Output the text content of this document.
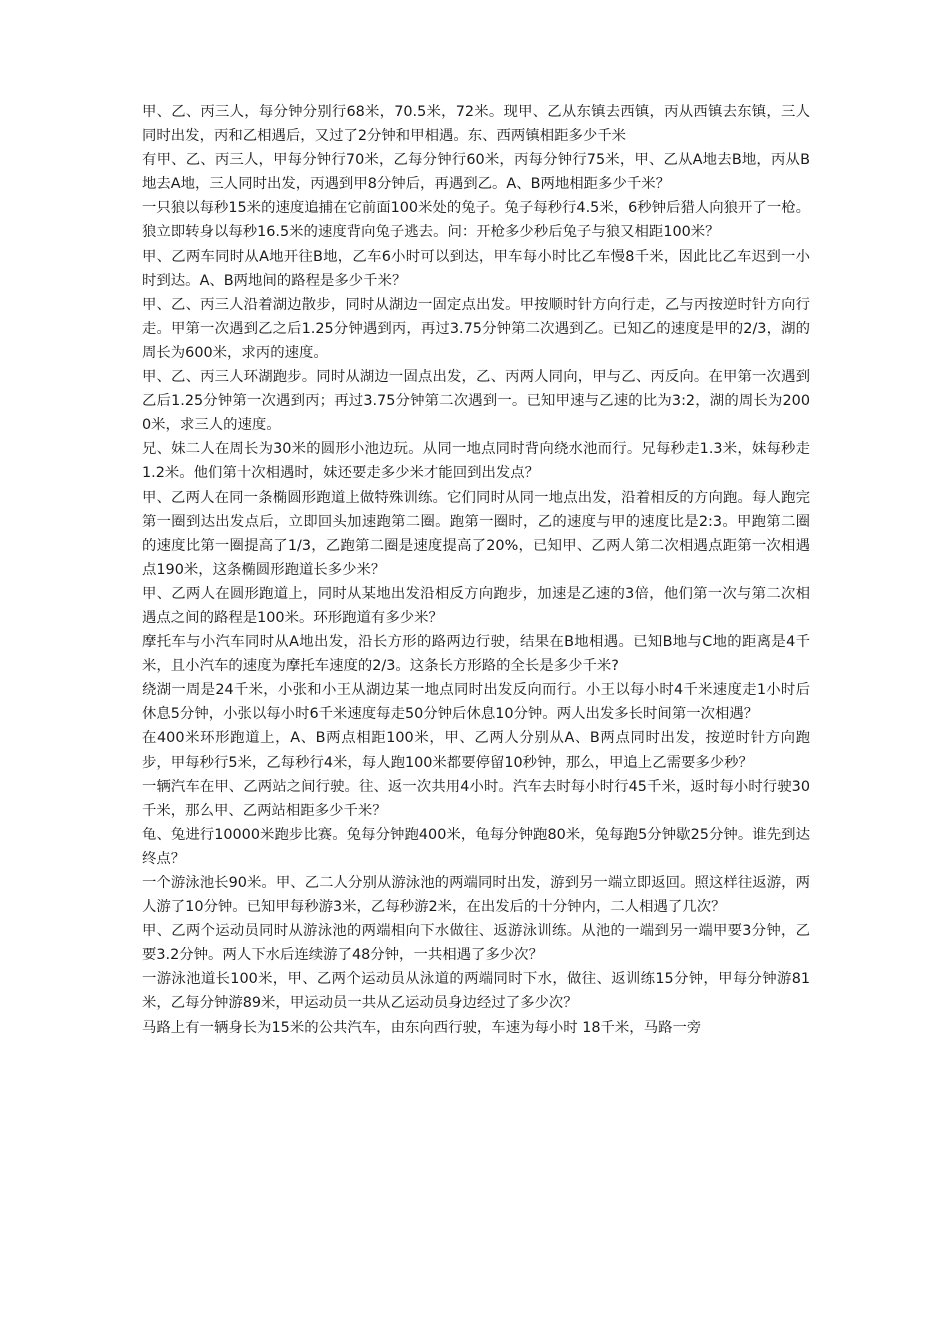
甲、乙、丙三人，每分钟分别行68米，70.5米，72米。现甲、乙从东镇去西镇，丙从西镇去东镇，三人同时出发，丙和乙相遇后，又过了2分钟和甲相遇。东、西两镇相距多少千米

有甲、乙、丙三人，甲每分钟行70米，乙每分钟行60米，丙每分钟行75米，甲、乙从A地去B地，丙从B地去A地，三人同时出发，丙遇到甲8分钟后，再遇到乙。A、B两地相距多少千米？

一只狼以每秒15米的速度追捕在它前面100米处的兔子。兔子每秒行4.5米，6秒钟后猎人向狼开了一枪。狼立即转身以每秒16.5米的速度背向兔子逃去。问：开枪多少秒后兔子与狼又相距100米？

甲、乙两车同时从A地开往B地，乙车6小时可以到达，甲车每小时比乙车慢8千米，因此比乙车迟到一小时到达。A、B两地间的路程是多少千米？

甲、乙、丙三人沿着湖边散步，同时从湖边一固定点出发。甲按顺时针方向行走，乙与丙按逆时针方向行走。甲第一次遇到乙之后1.25分钟遇到丙，再过3.75分钟第二次遇到乙。已知乙的速度是甲的2/3，湖的周长为600米，求丙的速度。

甲、乙、丙三人环湖跑步。同时从湖边一固点出发，乙、丙两人同向，甲与乙、丙反向。在甲第一次遇到乙后1.25分钟第一次遇到丙；再过3.75分钟第二次遇到一。已知甲速与乙速的比为3:2，湖的周长为2000米，求三人的速度。

兄、妹二人在周长为30米的圆形小池边玩。从同一地点同时背向绕水池而行。兄每秒走1.3米，妹每秒走1.2米。他们第十次相遇时，妹还要走多少米才能回到出发点？

甲、乙两人在同一条椭圆形跑道上做特殊训练。它们同时从同一地点出发，沿着相反的方向跑。每人跑完第一圈到达出发点后，立即回头加速跑第二圈。跑第一圈时，乙的速度与甲的速度比是2:3。甲跑第二圈的速度比第一圈提高了1/3，乙跑第二圈是速度提高了20%，已知甲、乙两人第二次相遇点距第一次相遇点190米，这条椭圆形跑道长多少米？

甲、乙两人在圆形跑道上，同时从某地出发沿相反方向跑步，加速是乙速的3倍，他们第一次与第二次相遇点之间的路程是100米。环形跑道有多少米？

摩托车与小汽车同时从A地出发，沿长方形的路两边行驶，结果在B地相遇。已知B地与C地的距离是4千米，且小汽车的速度为摩托车速度的2/3。这条长方形路的全长是多少千米?

绕湖一周是24千米，小张和小王从湖边某一地点同时出发反向而行。小王以每小时4千米速度走1小时后休息5分钟，小张以每小时6千米速度每走50分钟后休息10分钟。两人出发多长时间第一次相遇？

在400米环形跑道上，A、B两点相距100米，甲、乙两人分别从A、B两点同时出发，按逆时针方向跑步，甲每秒行5米，乙每秒行4米，每人跑100米都要停留10秒钟，那么，甲追上乙需要多少秒？

一辆汽车在甲、乙两站之间行驶。往、返一次共用4小时。汽车去时每小时行45千米，返时每小时行驶30千米，那么甲、乙两站相距多少千米？

龟、兔进行10000米跑步比赛。兔每分钟跑400米，龟每分钟跑80米，兔每跑5分钟歇25分钟。谁先到达终点？

一个游泳池长90米。甲、乙二人分别从游泳池的两端同时出发，游到另一端立即返回。照这样往返游，两人游了10分钟。已知甲每秒游3米，乙每秒游2米，在出发后的十分钟内，二人相遇了几次？

甲、乙两个运动员同时从游泳池的两端相向下水做往、返游泳训练。从池的一端到另一端甲要3分钟，乙要3.2分钟。两人下水后连续游了48分钟，一共相遇了多少次？

一游泳池道长100米，甲、乙两个运动员从泳道的两端同时下水，做往、返训练15分钟，甲每分钟游81米，乙每分钟游89米，甲运动员一共从乙运动员身边经过了多少次？

马路上有一辆身长为15米的公共汽车，由东向西行驶，车速为每小时 18千米，马路一旁
